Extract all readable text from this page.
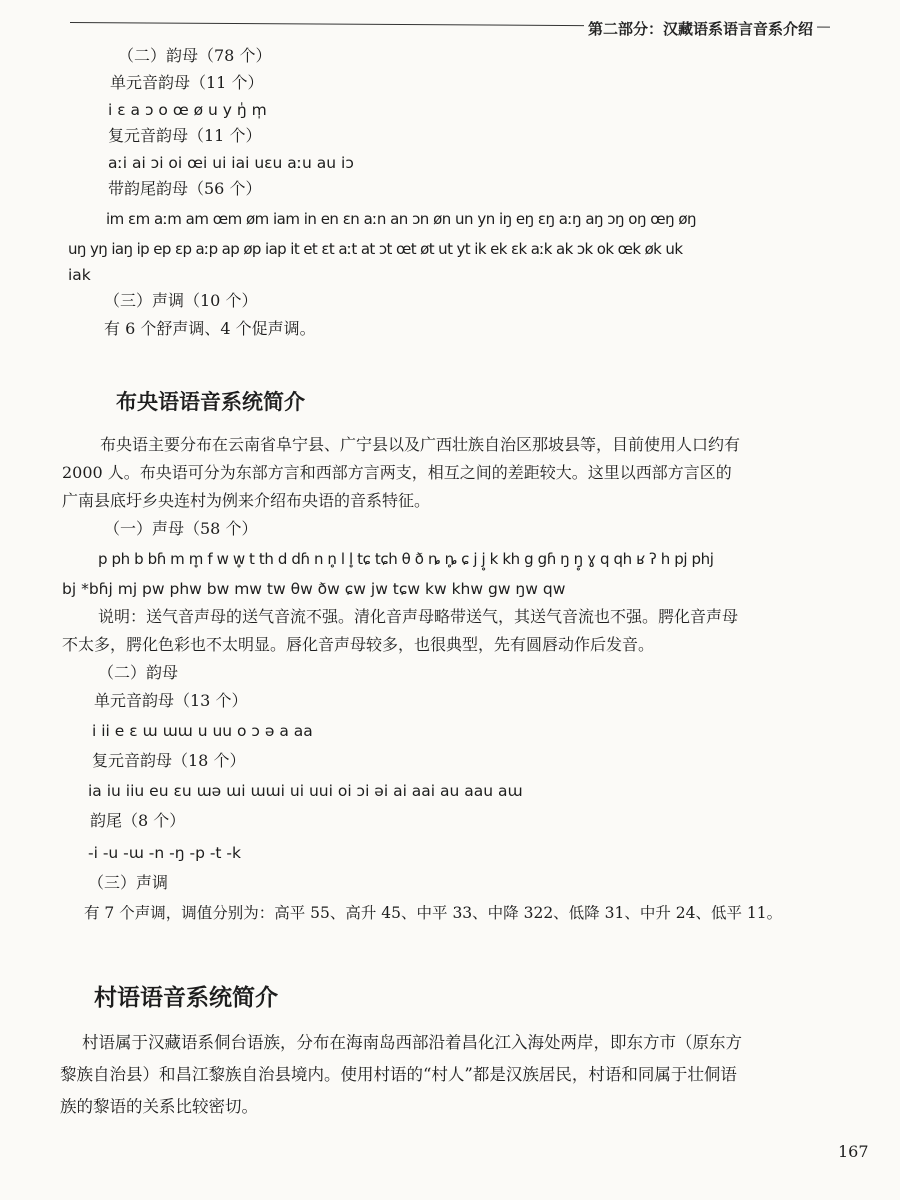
第二部分：汉藏语系语言音系介绍
（二）韵母（78 个）
单元音韵母（11 个）
i ɛ a ɔ o œ ø u y ŋ̍ m̩
复元音韵母（11 个）
aːi ai ɔi oi œi ui iai uɛu aːu au iɔ
带韵尾韵母（56 个）
im ɛm aːm am œm øm iam in en ɛn aːn an ɔn øn un yn iŋ eŋ ɛŋ aːŋ aŋ ɔŋ oŋ œŋ øŋ
uŋ yŋ iaŋ ip ep ɛp aːp ap øp iap it et ɛt aːt at ɔt œt øt ut yt ik ek ɛk aːk ak ɔk ok œk øk uk
iak
（三）声调（10 个）
有 6 个舒声调、4 个促声调。
布央语语音系统简介
布央语主要分布在云南省阜宁县、广宁县以及广西壮族自治区那坡县等，目前使用人口约有
2000 人。布央语可分为东部方言和西部方言两支，相互之间的差距较大。这里以西部方言区的
广南县底圩乡央连村为例来介绍布央语的音系特征。
（一）声母（58 个）
p ph b bɦ m m̥ f w w̥ t th d dɦ n n̥ l l̥ tɕ tɕh θ ð ȵ ȵ̥ ɕ j j̥ k kh g gɦ ŋ ŋ̥ ɣ q qh ʁ ʔ h pj phj
bj *bɦj mj pw phw bw mw tw θw ðw ɕw jw tɕw kw khw gw ŋw qw
说明：送气音声母的送气音流不强。清化音声母略带送气，其送气音流也不强。腭化音声母
不太多，腭化色彩也不太明显。唇化音声母较多，也很典型，先有圆唇动作后发音。
（二）韵母
单元音韵母（13 个）
i ii e ɛ ɯ ɯɯ u uu o ɔ ə a aa
复元音韵母（18 个）
ia iu iiu eu ɛu ɯə ɯi ɯɯi ui uui oi ɔi əi ai aai au aau aɯ
韵尾（8 个）
-i -u -ɯ -n -ŋ -p -t -k
（三）声调
有 7 个声调，调值分别为：高平 55、高升 45、中平 33、中降 322、低降 31、中升 24、低平 11。
村语语音系统简介
村语属于汉藏语系侗台语族，分布在海南岛西部沿着昌化江入海处两岸，即东方市（原东方
黎族自治县）和昌江黎族自治县境内。使用村语的“村人”都是汉族居民，村语和同属于壮侗语
族的黎语的关系比较密切。
167
